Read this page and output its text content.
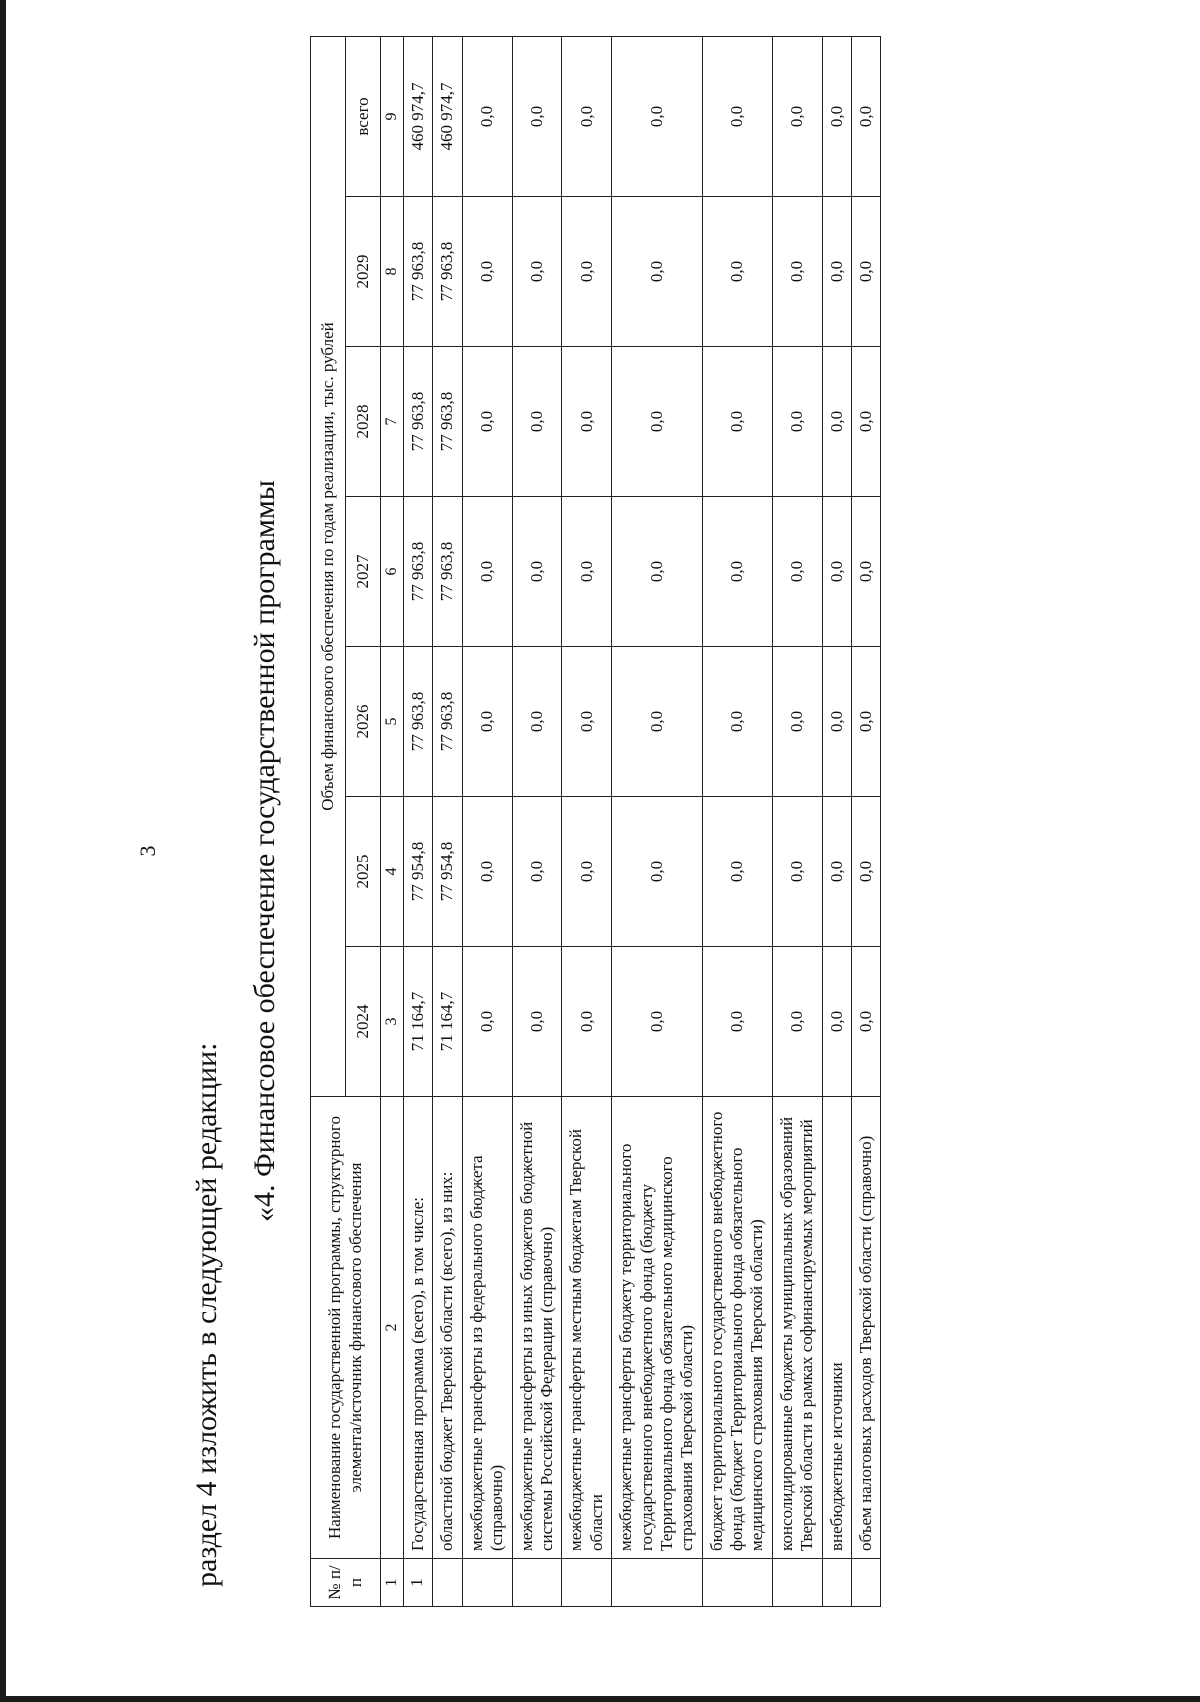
3
раздел 4 изложить в следующей редакции:
«4. Финансовое обеспечение государственной программы
№ п/п	Наименование государственной программы, структурного элемента/источник финансового обеспечения	Объем финансового обеспечения по годам реализации, тыс. рублей						
		2024	2025	2026	2027	2028	2029	всего
1	2	3	4	5	6	7	8	9
1	Государственная программа (всего), в том числе:	71 164,7	77 954,8	77 963,8	77 963,8	77 963,8	77 963,8	460 974,7
	областной бюджет Тверской области (всего), из них:	71 164,7	77 954,8	77 963,8	77 963,8	77 963,8	77 963,8	460 974,7
	межбюджетные трансферты из федерального бюджета (справочно)	0,0	0,0	0,0	0,0	0,0	0,0	0,0
	межбюджетные трансферты из иных бюджетов бюджетной системы Российской Федерации (справочно)	0,0	0,0	0,0	0,0	0,0	0,0	0,0
	межбюджетные трансферты местным бюджетам Тверской области	0,0	0,0	0,0	0,0	0,0	0,0	0,0
	межбюджетные трансферты бюджету территориального государственного внебюджетного фонда (бюджету Территориального фонда обязательного медицинского страхования Тверской области)	0,0	0,0	0,0	0,0	0,0	0,0	0,0
	бюджет территориального государственного внебюджетного фонда (бюджет Территориального фонда обязательного медицинского страхования Тверской области)	0,0	0,0	0,0	0,0	0,0	0,0	0,0
	консолидированные бюджеты муниципальных образований Тверской области в рамках софинансируемых мероприятий	0,0	0,0	0,0	0,0	0,0	0,0	0,0
	внебюджетные источники	0,0	0,0	0,0	0,0	0,0	0,0	0,0
	объем налоговых расходов Тверской области (справочно)	0,0	0,0	0,0	0,0	0,0	0,0	0,0
